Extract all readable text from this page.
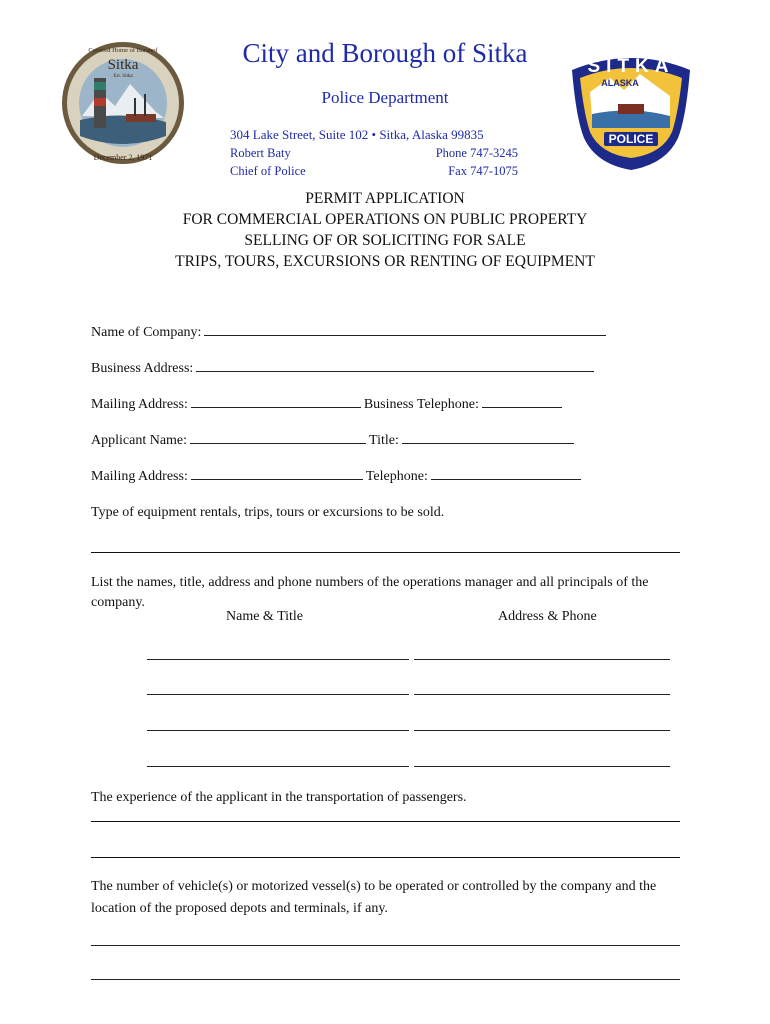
Covered Home of Baranof
Sitka
Est. Sitka
December 2, 1971
City and Borough of Sitka
Police Department
304 Lake Street, Suite 102 • Sitka, Alaska 99835
Robert Baty
Chief of Police
Phone 747-3245
Fax 747-1075
SITKA
ALASKA
POLICE
PERMIT APPLICATION
FOR COMMERCIAL OPERATIONS ON PUBLIC PROPERTY
SELLING OF OR SOLICITING FOR SALE
TRIPS, TOURS, EXCURSIONS OR RENTING OF EQUIPMENT
Name of Company:
Business Address:
Mailing Address:	Business Telephone:
Applicant Name:	Title:
Mailing Address:	Telephone:
Type of equipment rentals, trips, tours or excursions to be sold.
List the names, title, address and phone numbers of the operations manager and all principals of the company.
Name & Title	Address & Phone
The experience of the applicant in the transportation of passengers.
The number of vehicle(s) or motorized vessel(s) to be operated or controlled by the company and the location of the proposed depots and terminals, if any.
